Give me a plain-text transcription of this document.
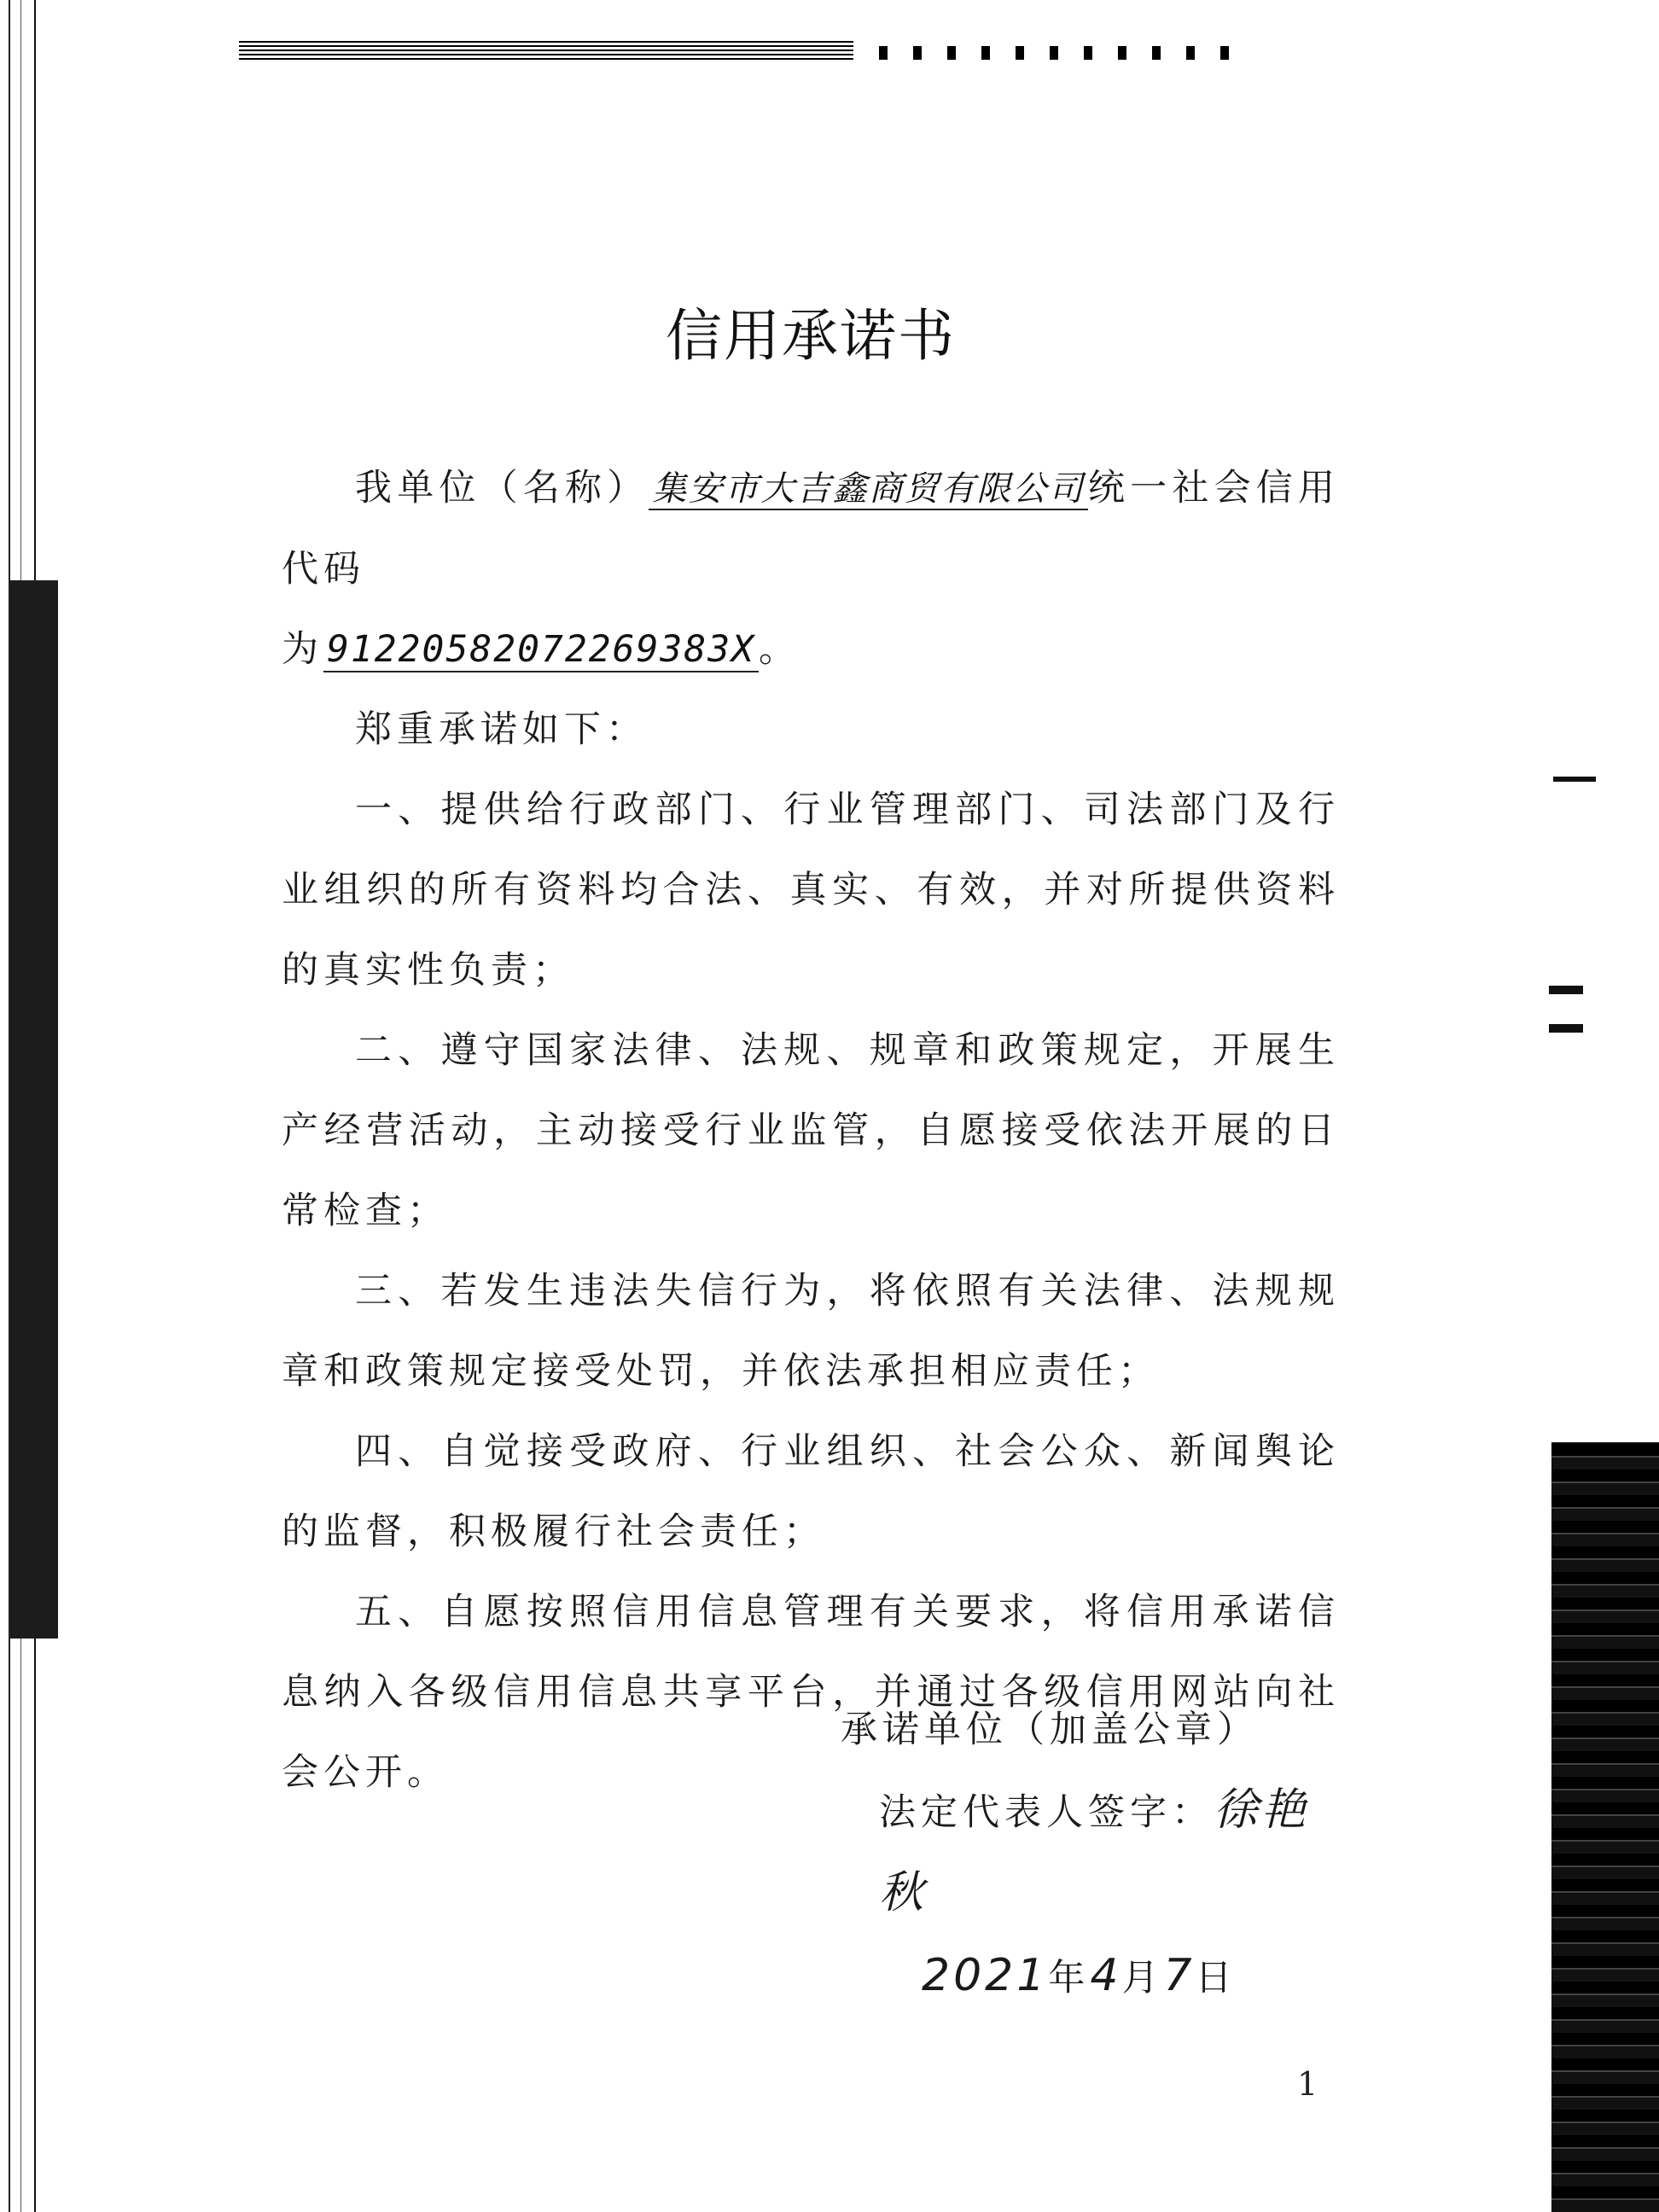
信用承诺书

我单位（名称） 集安市大吉鑫商贸有限公司统一社会信用代码

为91220582072269383X。

郑重承诺如下：

一、提供给行政部门、行业管理部门、司法部门及行业组织的所有资料均合法、真实、有效，并对所提供资料的真实性负责；

二、遵守国家法律、法规、规章和政策规定，开展生产经营活动，主动接受行业监管，自愿接受依法开展的日常检查；

三、若发生违法失信行为，将依照有关法律、法规规章和政策规定接受处罚，并依法承担相应责任；

四、自觉接受政府、行业组织、社会公众、新闻舆论的监督，积极履行社会责任；

五、自愿按照信用信息管理有关要求，将信用承诺信息纳入各级信用信息共享平台，并通过各级信用网站向社会公开。

承诺单位（加盖公章）
法定代表人签字：徐艳秋
2021年4月7日
1
